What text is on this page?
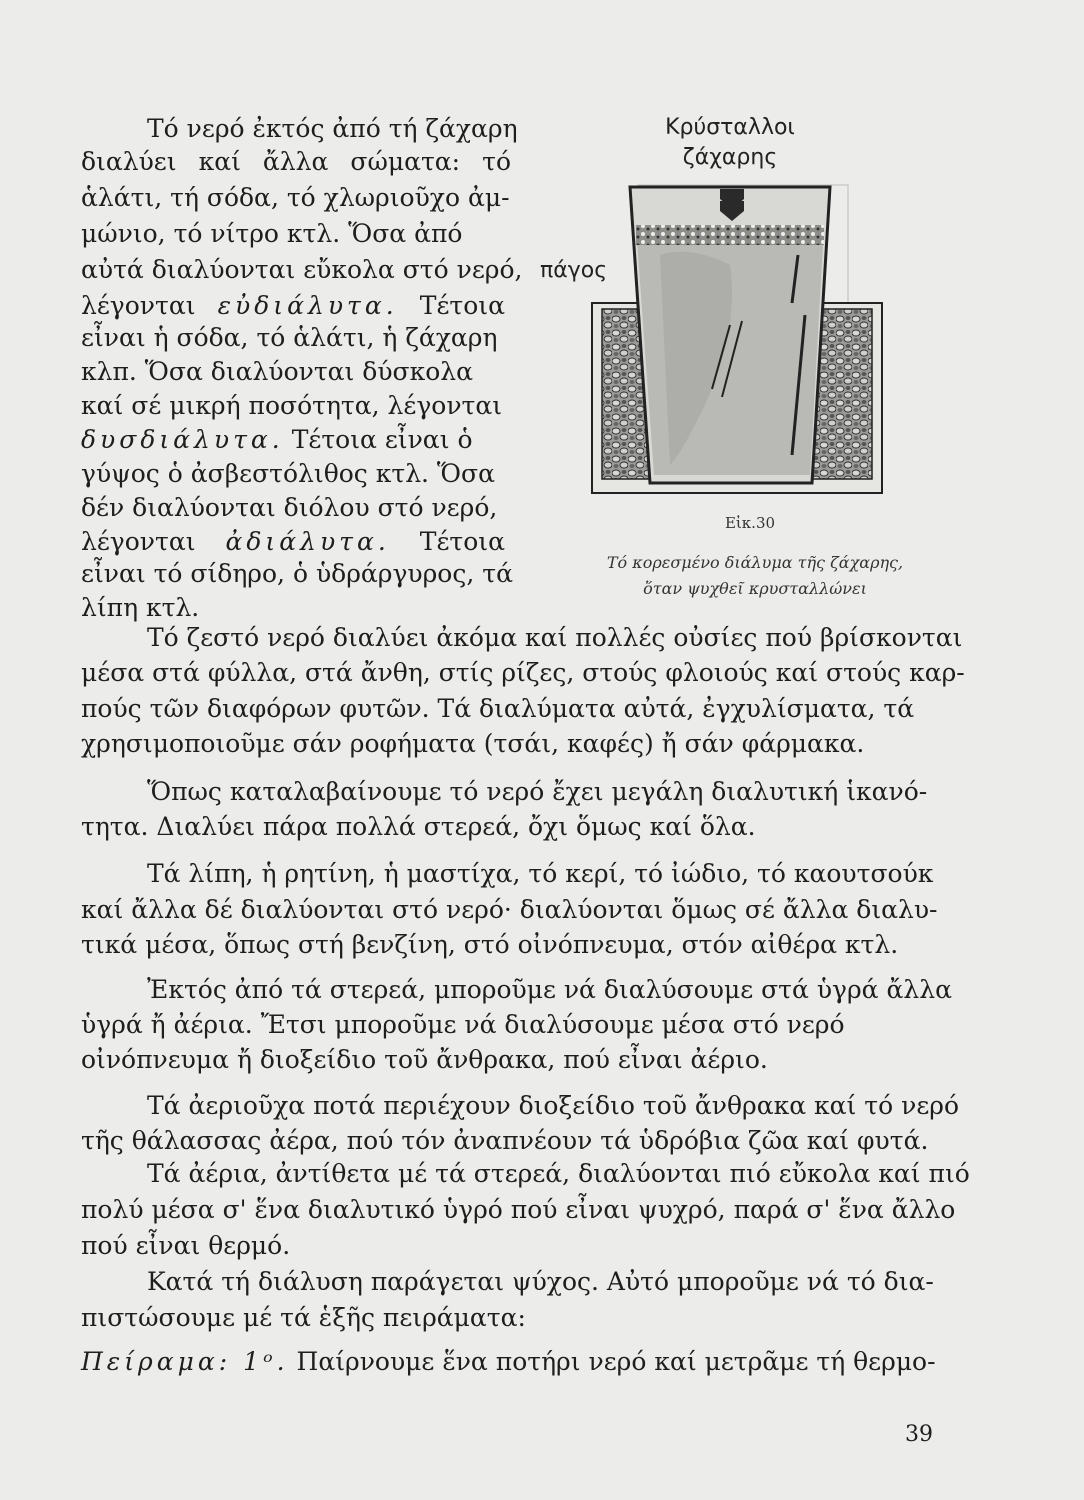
Τό νερό ἐκτός ἀπό τή ζάχαρη
διαλύει καί ἄλλα σώματα: τό
ἁλάτι, τή σόδα, τό χλωριοῦχο ἀμ-
μώνιο, τό νίτρο κτλ. Ὅσα ἀπό
αὐτά διαλύονται εὔκολα στό νερό,
λέγονται εὐδιάλυτα. Τέτοια
εἶναι ἡ σόδα, τό ἁλάτι, ἡ ζάχαρη
κλπ. Ὅσα διαλύονται δύσκολα
καί σέ μικρή ποσότητα, λέγονται
δυσδιάλυτα. Τέτοια εἶναι ὁ
γύψος ὁ ἀσβεστόλιθος κτλ. Ὅσα
δέν διαλύονται διόλου στό νερό,
λέγονται ἀδιάλυτα. Τέτοια
εἶναι τό σίδηρο, ὁ ὑδράργυρος, τά
λίπη κτλ.
Κρύσταλλοι
ζάχαρης
πάγος
Εἰκ.30
Τό κορεσμένο διάλυμα τῆς ζάχαρης,
ὅταν ψυχθεῖ κρυσταλλώνει
Τό ζεστό νερό διαλύει ἀκόμα καί πολλές οὐσίες πού βρίσκονται
μέσα στά φύλλα, στά ἄνθη, στίς ρίζες, στούς φλοιούς καί στούς καρ-
πούς τῶν διαφόρων φυτῶν. Τά διαλύματα αὐτά, ἐγχυλίσματα, τά
χρησιμοποιοῦμε σάν ροφήματα (τσάι, καφές) ἤ σάν φάρμακα.
Ὅπως καταλαβαίνουμε τό νερό ἔχει μεγάλη διαλυτική ἱκανό-
τητα. Διαλύει πάρα πολλά στερεά, ὄχι ὅμως καί ὅλα.
Τά λίπη, ἡ ρητίνη, ἡ μαστίχα, τό κερί, τό ἰώδιο, τό καουτσούκ
καί ἄλλα δέ διαλύονται στό νερό· διαλύονται ὅμως σέ ἄλλα διαλυ-
τικά μέσα, ὅπως στή βενζίνη, στό οἰνόπνευμα, στόν αἰθέρα κτλ.
Ἐκτός ἀπό τά στερεά, μποροῦμε νά διαλύσουμε στά ὑγρά ἄλλα
ὑγρά ἤ ἀέρια. Ἔτσι μποροῦμε νά διαλύσουμε μέσα στό νερό
οἰνόπνευμα ἤ διοξείδιο τοῦ ἄνθρακα, πού εἶναι ἀέριο.
Τά ἀεριοῦχα ποτά περιέχουν διοξείδιο τοῦ ἄνθρακα καί τό νερό
τῆς θάλασσας ἀέρα, πού τόν ἀναπνέουν τά ὑδρόβια ζῶα καί φυτά.
Τά ἀέρια, ἀντίθετα μέ τά στερεά, διαλύονται πιό εὔκολα καί πιό
πολύ μέσα σ' ἕνα διαλυτικό ὑγρό πού εἶναι ψυχρό, παρά σ' ἕνα ἄλλο
πού εἶναι θερμό.
Κατά τή διάλυση παράγεται ψύχος. Αὐτό μποροῦμε νά τό δια-
πιστώσουμε μέ τά ἑξῆς πειράματα:
Πείραμα: 1ᵒ. Παίρνουμε ἕνα ποτήρι νερό καί μετρᾶμε τή θερμο-
39
